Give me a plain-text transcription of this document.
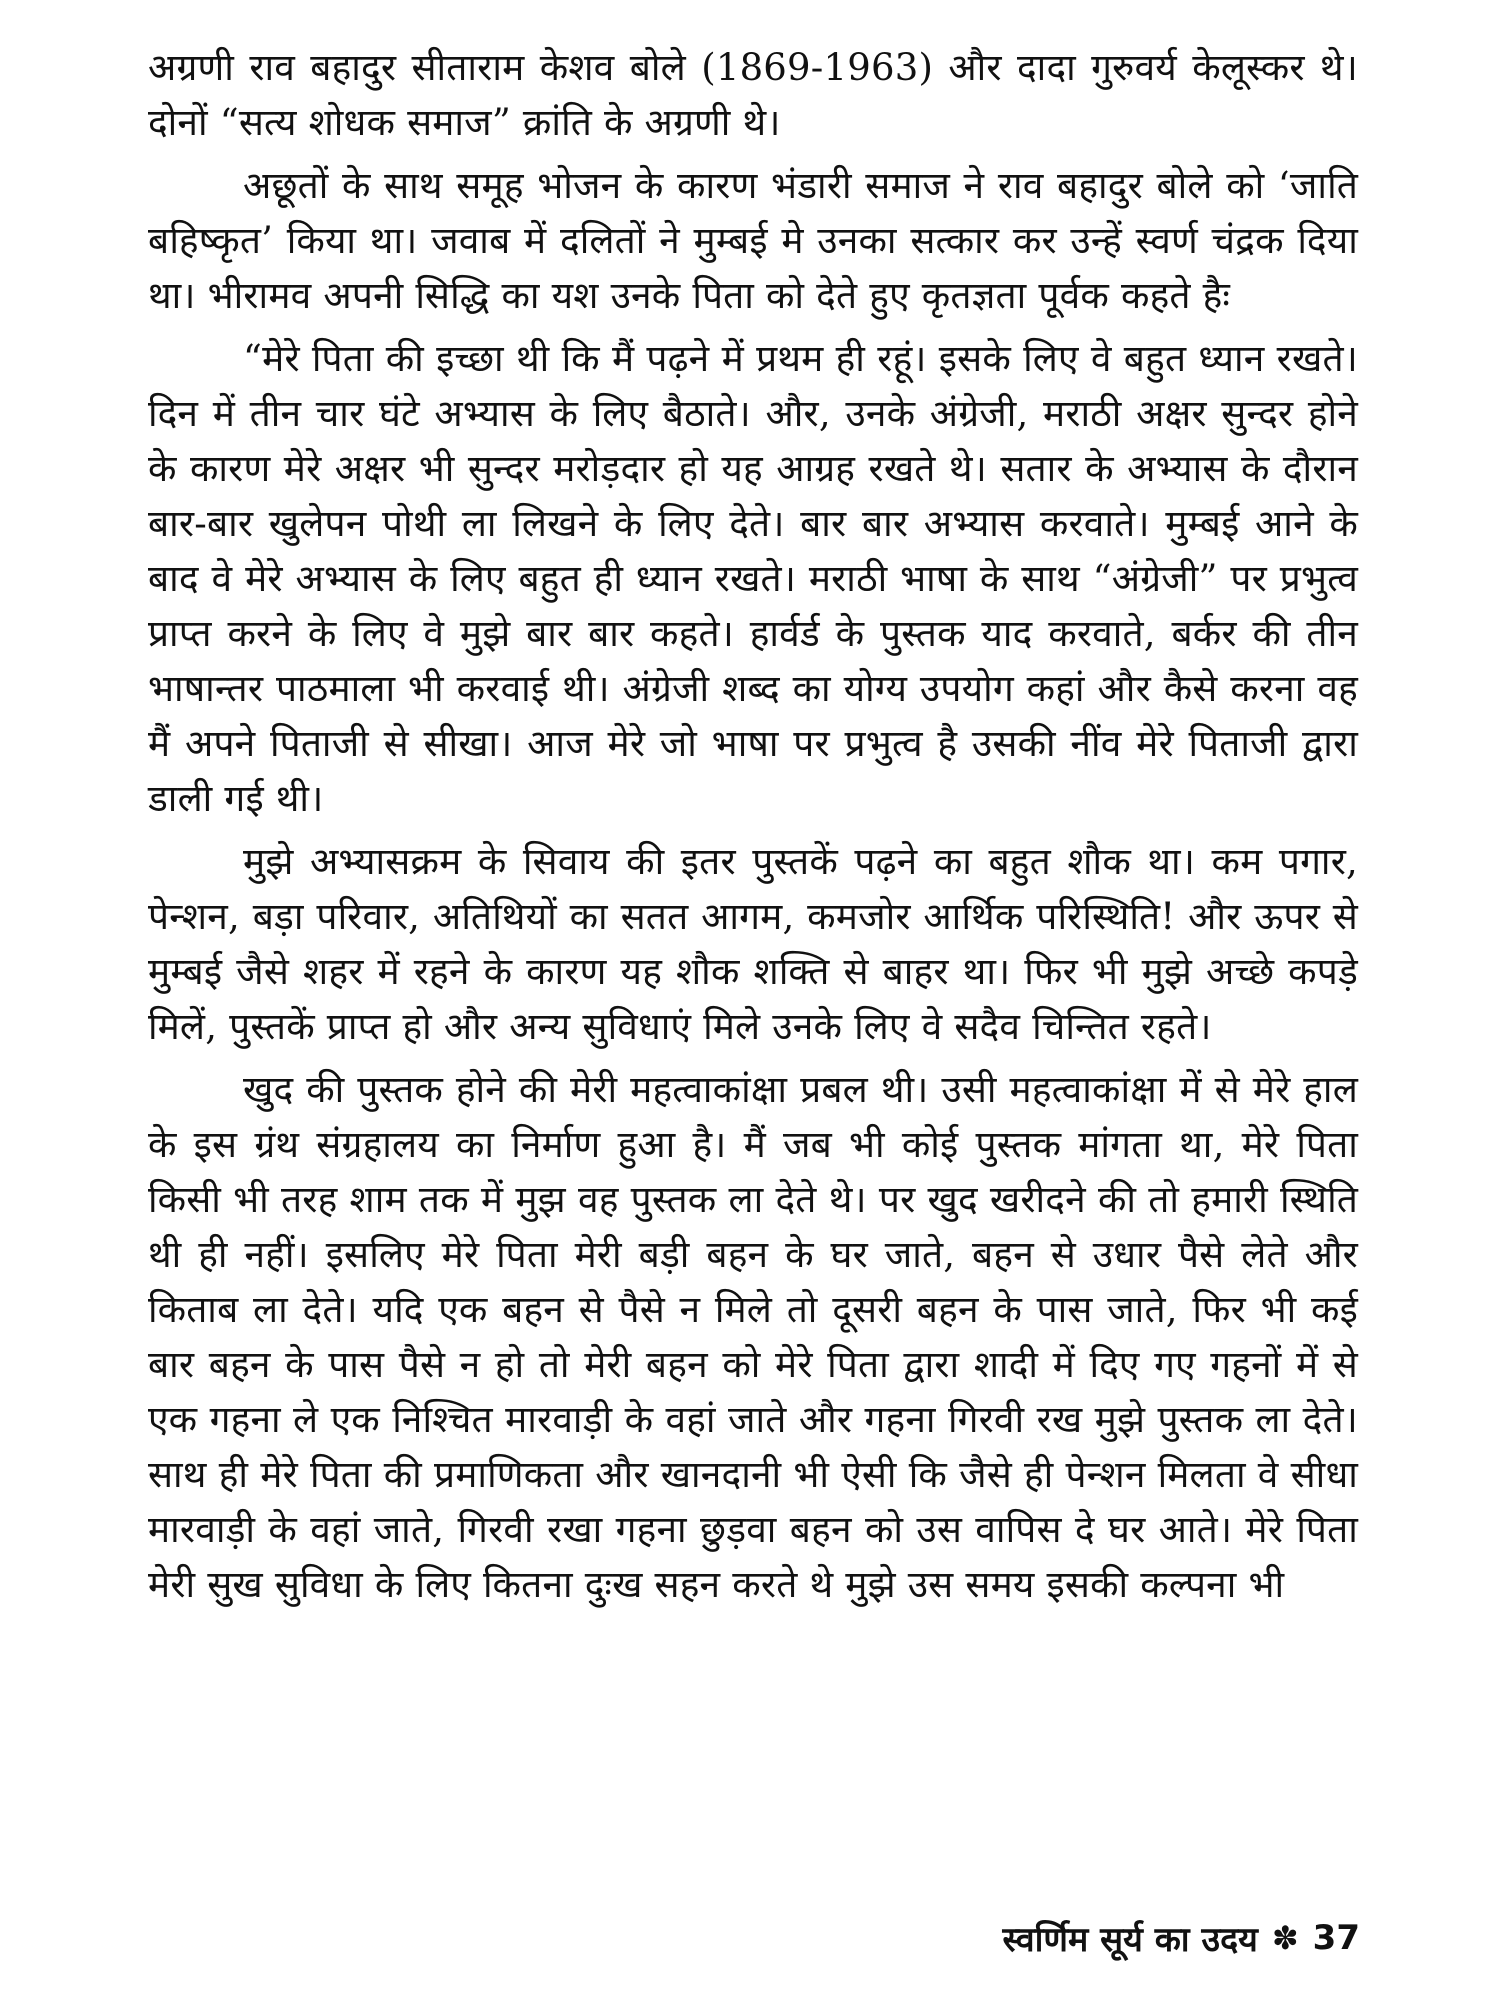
अग्रणी राव बहादुर सीताराम केशव बोले (1869-1963) और दादा गुरुवर्य केलूस्कर थे। दोनों “सत्य शोधक समाज” क्रांति के अग्रणी थे।

अछूतों के साथ समूह भोजन के कारण भंडारी समाज ने राव बहादुर बोले को ‘जाति बहिष्कृत’ किया था। जवाब में दलितों ने मुम्बई मे उनका सत्कार कर उन्हें स्वर्ण चंद्रक दिया था। भीरामव अपनी सिद्धि का यश उनके पिता को देते हुए कृतज्ञता पूर्वक कहते हैः

“मेरे पिता की इच्छा थी कि मैं पढ़ने में प्रथम ही रहूं। इसके लिए वे बहुत ध्यान रखते। दिन में तीन चार घंटे अभ्यास के लिए बैठाते। और, उनके अंग्रेजी, मराठी अक्षर सुन्दर होने के कारण मेरे अक्षर भी सुन्दर मरोड़दार हो यह आग्रह रखते थे। सतार के अभ्यास के दौरान बार-बार खुलेपन पोथी ला लिखने के लिए देते। बार बार अभ्यास करवाते। मुम्बई आने के बाद वे मेरे अभ्यास के लिए बहुत ही ध्यान रखते। मराठी भाषा के साथ “अंग्रेजी” पर प्रभुत्व प्राप्त करने के लिए वे मुझे बार बार कहते। हार्वर्ड के पुस्तक याद करवाते, बर्कर की तीन भाषान्तर पाठमाला भी करवाई थी। अंग्रेजी शब्द का योग्य उपयोग कहां और कैसे करना वह मैं अपने पिताजी से सीखा। आज मेरे जो भाषा पर प्रभुत्व है उसकी नींव मेरे पिताजी द्वारा डाली गई थी।

मुझे अभ्यासक्रम के सिवाय की इतर पुस्तकें पढ़ने का बहुत शौक था। कम पगार, पेन्शन, बड़ा परिवार, अतिथियों का सतत आगम, कमजोर आर्थिक परिस्थिति! और ऊपर से मुम्बई जैसे शहर में रहने के कारण यह शौक शक्ति से बाहर था। फिर भी मुझे अच्छे कपड़े मिलें, पुस्तकें प्राप्त हो और अन्य सुविधाएं मिले उनके लिए वे सदैव चिन्तित रहते।

खुद की पुस्तक होने की मेरी महत्वाकांक्षा प्रबल थी। उसी महत्वाकांक्षा में से मेरे हाल के इस ग्रंथ संग्रहालय का निर्माण हुआ है। मैं जब भी कोई पुस्तक मांगता था, मेरे पिता किसी भी तरह शाम तक में मुझ वह पुस्तक ला देते थे। पर खुद खरीदने की तो हमारी स्थिति थी ही नहीं। इसलिए मेरे पिता मेरी बड़ी बहन के घर जाते, बहन से उधार पैसे लेते और किताब ला देते। यदि एक बहन से पैसे न मिले तो दूसरी बहन के पास जाते, फिर भी कई बार बहन के पास पैसे न हो तो मेरी बहन को मेरे पिता द्वारा शादी में दिए गए गहनों में से एक गहना ले एक निश्चित मारवाड़ी के वहां जाते और गहना गिरवी रख मुझे पुस्तक ला देते। साथ ही मेरे पिता की प्रमाणिकता और खानदानी भी ऐसी कि जैसे ही पेन्शन मिलता वे सीधा मारवाड़ी के वहां जाते, गिरवी रखा गहना छुड़वा बहन को उस वापिस दे घर आते। मेरे पिता मेरी सुख सुविधा के लिए कितना दुःख सहन करते थे मुझे उस समय इसकी कल्पना भी

स्वर्णिम सूर्य का उदय ✽ 37
